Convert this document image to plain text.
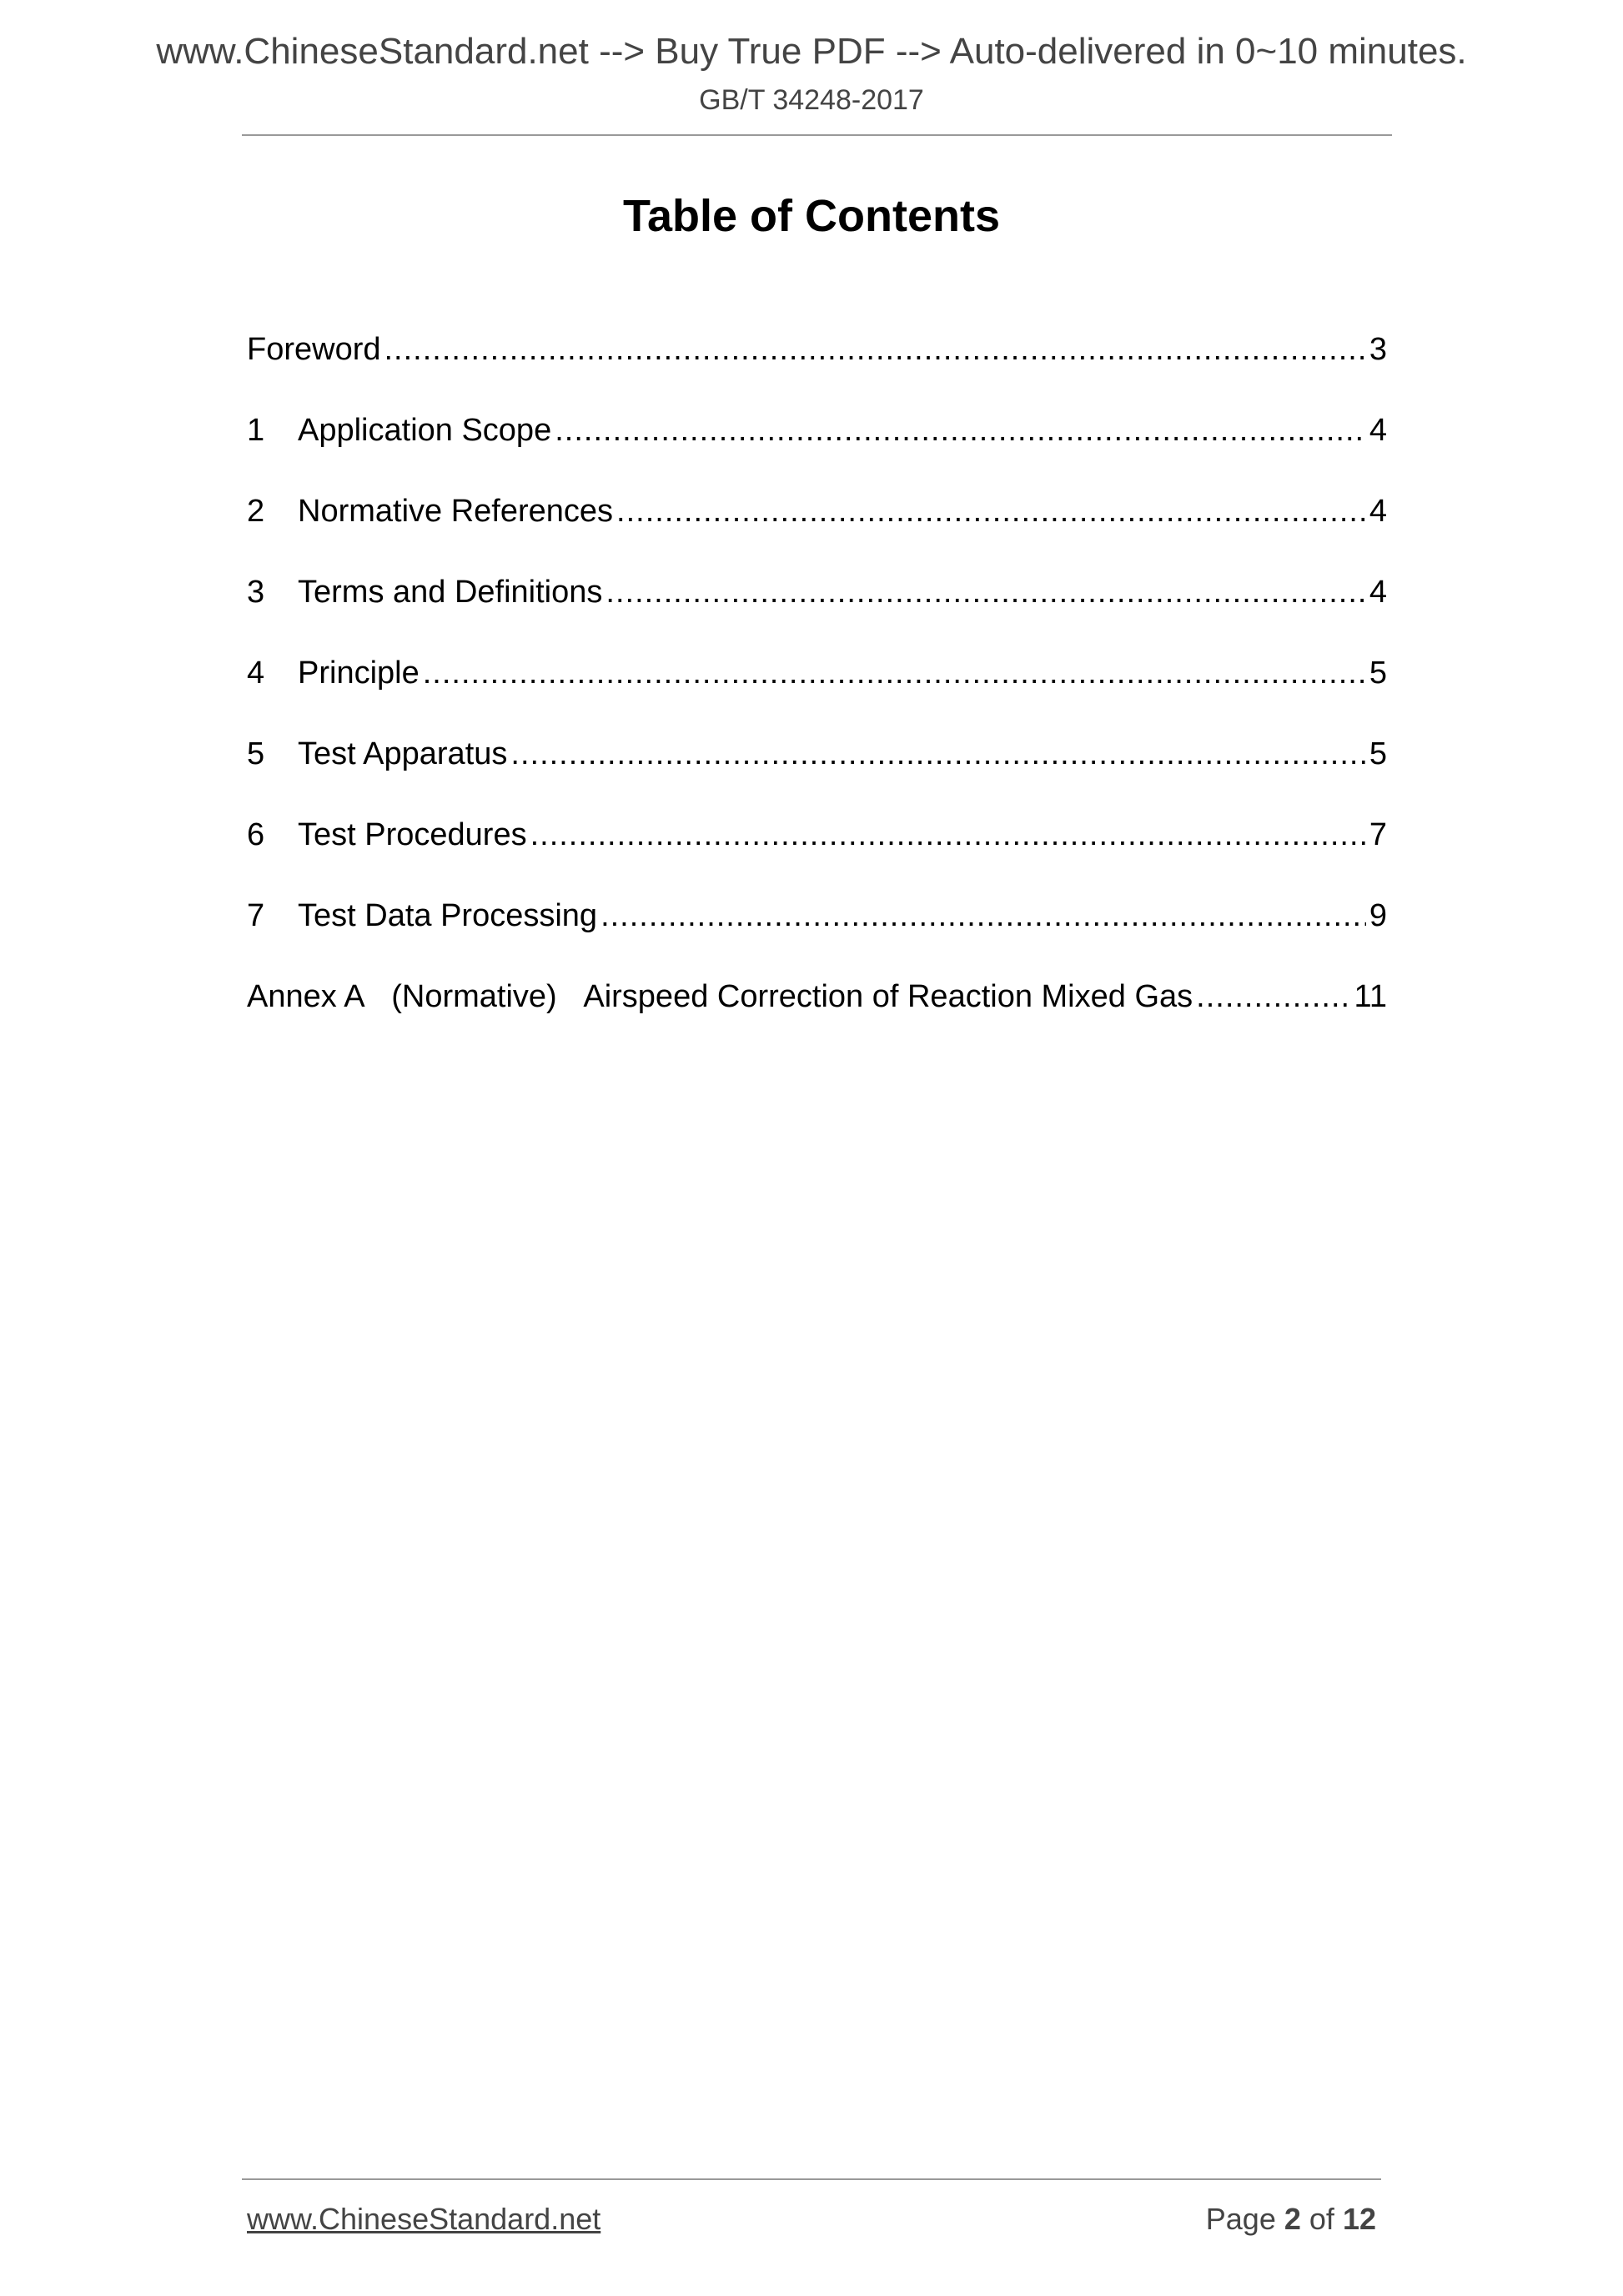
www.ChineseStandard.net --> Buy True PDF --> Auto-delivered in 0~10 minutes.
GB/T 34248-2017
Table of Contents
Foreword .....	3
1	Application Scope .....	4
2	Normative References .....	4
3	Terms and Definitions .....	4
4	Principle .....	5
5	Test Apparatus .....	5
6	Test Procedures .....	7
7	Test Data Processing .....	9
Annex A   (Normative)   Airspeed Correction of Reaction Mixed Gas .....	11
www.ChineseStandard.net	Page 2 of 12
